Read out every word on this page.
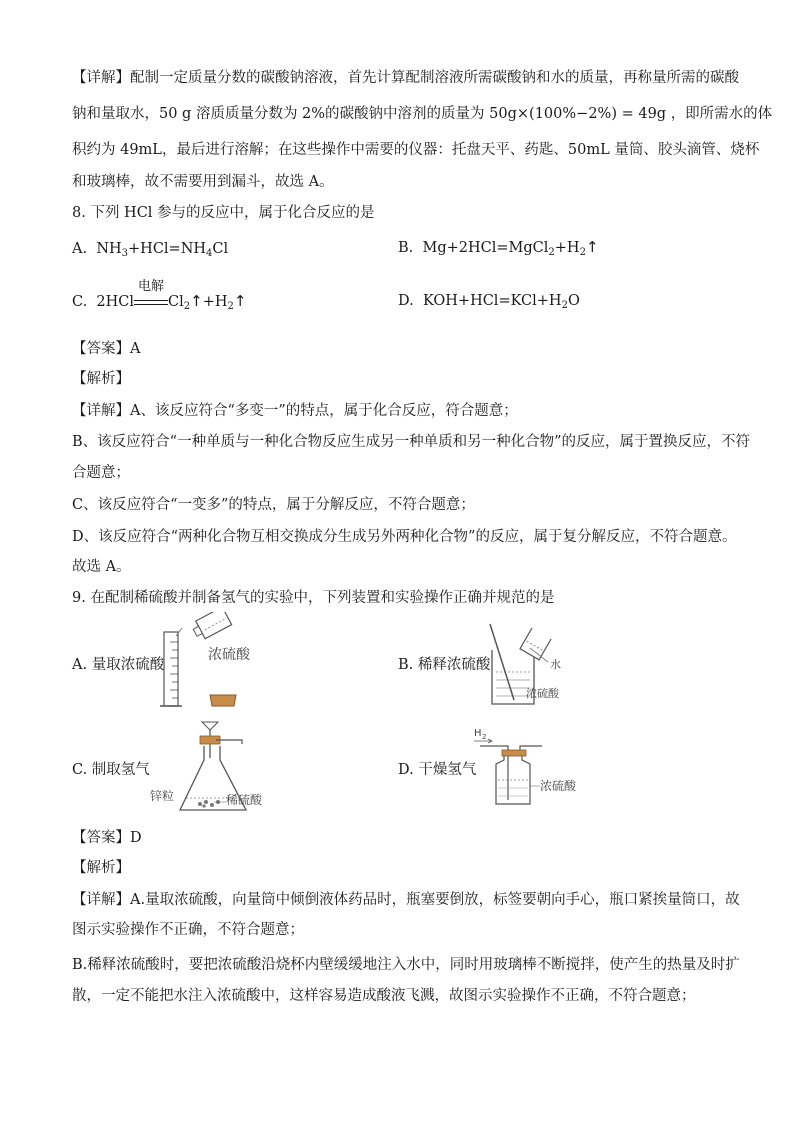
【详解】配制一定质量分数的碳酸钠溶液，首先计算配制溶液所需碳酸钠和水的质量，再称量所需的碳酸
钠和量取水，50 g 溶质质量分数为 2%的碳酸钠中溶剂的质量为 50g×(100%−2%) = 49g ，即所需水的体
积约为 49mL，最后进行溶解；在这些操作中需要的仪器：托盘天平、药匙、50mL 量筒、胶头滴管、烧杯
和玻璃棒，故不需要用到漏斗，故选 A。
8. 下列 HCl 参与的反应中，属于化合反应的是
A. $NH_3+HCl=NH_4Cl$	B. $Mg+2HCl=MgCl_2+H_2↑$
C. 2HCl
电解
$Cl_2↑+H_2↑$	D. $KOH+HCl=KCl+H_2O$
【答案】A
【解析】
【详解】A、该反应符合“多变一”的特点，属于化合反应，符合题意；
B、该反应符合“一种单质与一种化合物反应生成另一种单质和另一种化合物”的反应，属于置换反应，不符
合题意；
C、该反应符合“一变多”的特点，属于分解反应，不符合题意；
D、该反应符合“两种化合物互相交换成分生成另外两种化合物”的反应，属于复分解反应，不符合题意。
故选 A。
9. 在配制稀硫酸并制备氢气的实验中，下列装置和实验操作正确并规范的是
A. 量取浓硫酸
浓硫酸
B. 稀释浓硫酸	水
浓硫酸
C. 制取氢气
锌粒	稀硫酸
D. 干燥氢气
H 2
浓硫酸
【答案】D
【解析】
【详解】A.量取浓硫酸，向量筒中倾倒液体药品时，瓶塞要倒放，标签要朝向手心，瓶口紧挨量筒口，故
图示实验操作不正确，不符合题意；
B.稀释浓硫酸时，要把浓硫酸沿烧杯内壁缓缓地注入水中，同时用玻璃棒不断搅拌，使产生的热量及时扩
散，一定不能把水注入浓硫酸中，这样容易造成酸液飞溅，故图示实验操作不正确，不符合题意；
